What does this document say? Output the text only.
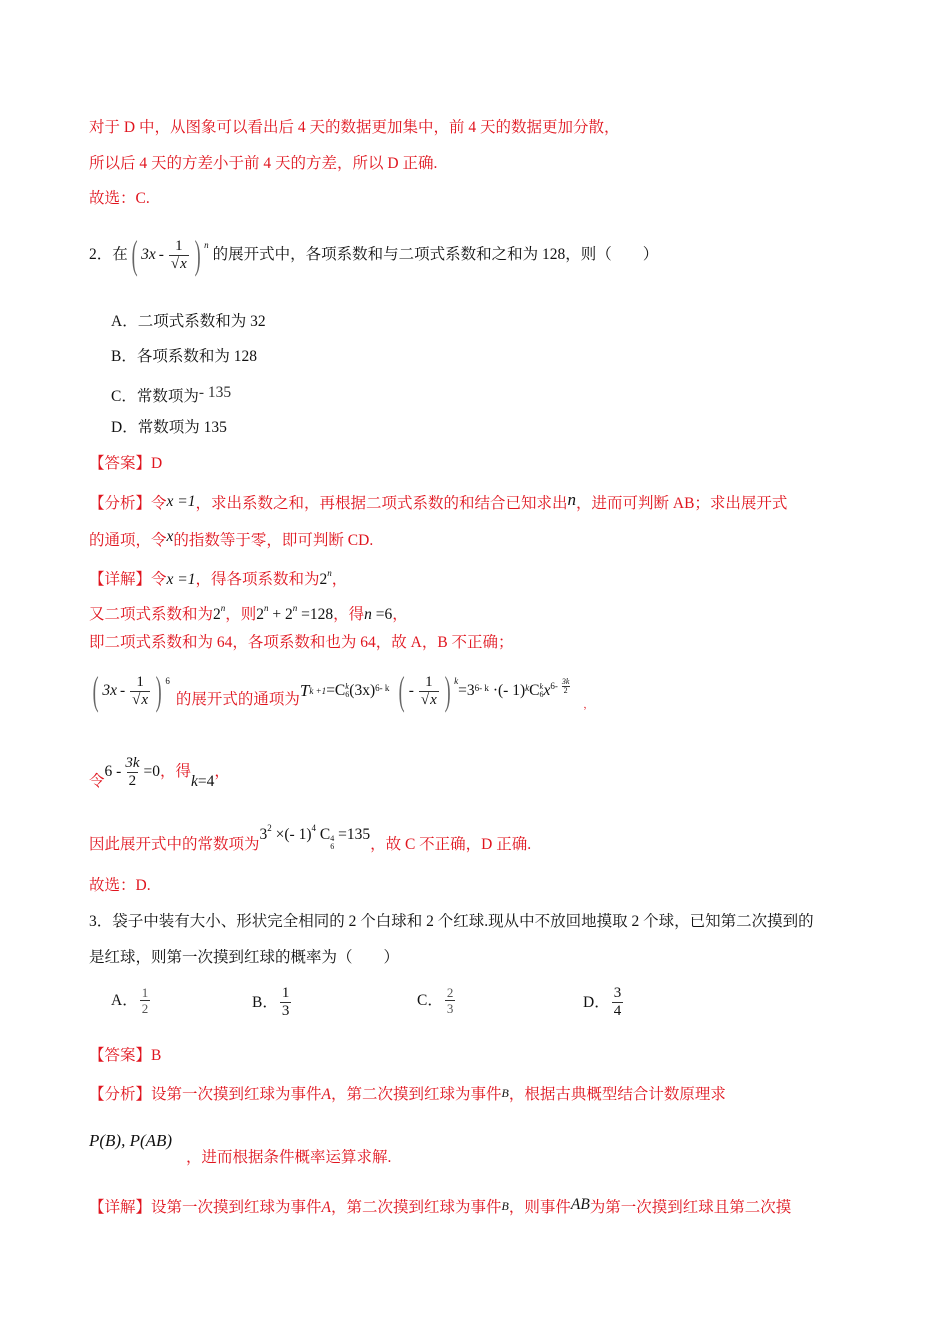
对于 D 中，从图象可以看出后 4 天的数据更加集中，前 4 天的数据更加分散，
所以后 4 天的方差小于前 4 天的方差，所以 D 正确.
故选：C.
2．在 ( $3x - \frac{1}{√x}$ ) n
的展开式中，各项系数和与二项式系数和之和为 128，则（　　）
A．二项式系数和为 32
B．各项系数和为 128
C．常数项为- 135
D．常数项为 135
【答案】D
【分析】令x =1，求出系数之和，再根据二项式系数的和结合已知求出n，进而可判断 AB；求出展开式
的通项，令x的指数等于零，即可判断 CD.
【详解】令x =1，得各项系数和为2$^n$，
又二项式系数和为2$^n$，则$2^n + 2^n =128$，得n =6，
即二项式系数和为 64，各项系数和也为 64，故 A，B 不正确；
( $3x - \frac{1}{√x}$ ) 6
的展开式的通项为 T k +1 =C k
6 (3x) 6- k ( - $\frac{1}{√x}$ ) k
=3 6- k ·(- 1) k C k
6 x $6- \frac{3k}{2}$
，
令
$6 - \frac{3k}{2} =0$ ，得
k =4
，
因此展开式中的常数项为$3^2$ ×(- 1)$^4$ C 4
6
=135，故 C 不正确，D 正确.
故选：D.
3．袋子中装有大小、形状完全相同的 2 个白球和 2 个红球.现从中不放回地摸取 2 个球，已知第二次摸到的
是红球，则第一次摸到红球的概率为（　　）
A． $\frac{1}{2}$	B． $\frac{1}{3}$	C． $\frac{2}{3}$	D． $\frac{3}{4}$
【答案】B
【分析】设第一次摸到红球为事件A，第二次摸到红球为事件B，根据古典概型结合计数原理求
P(B), P(AB)
，进而根据条件概率运算求解.
【详解】设第一次摸到红球为事件A，第二次摸到红球为事件B，则事件AB为第一次摸到红球且第二次摸
